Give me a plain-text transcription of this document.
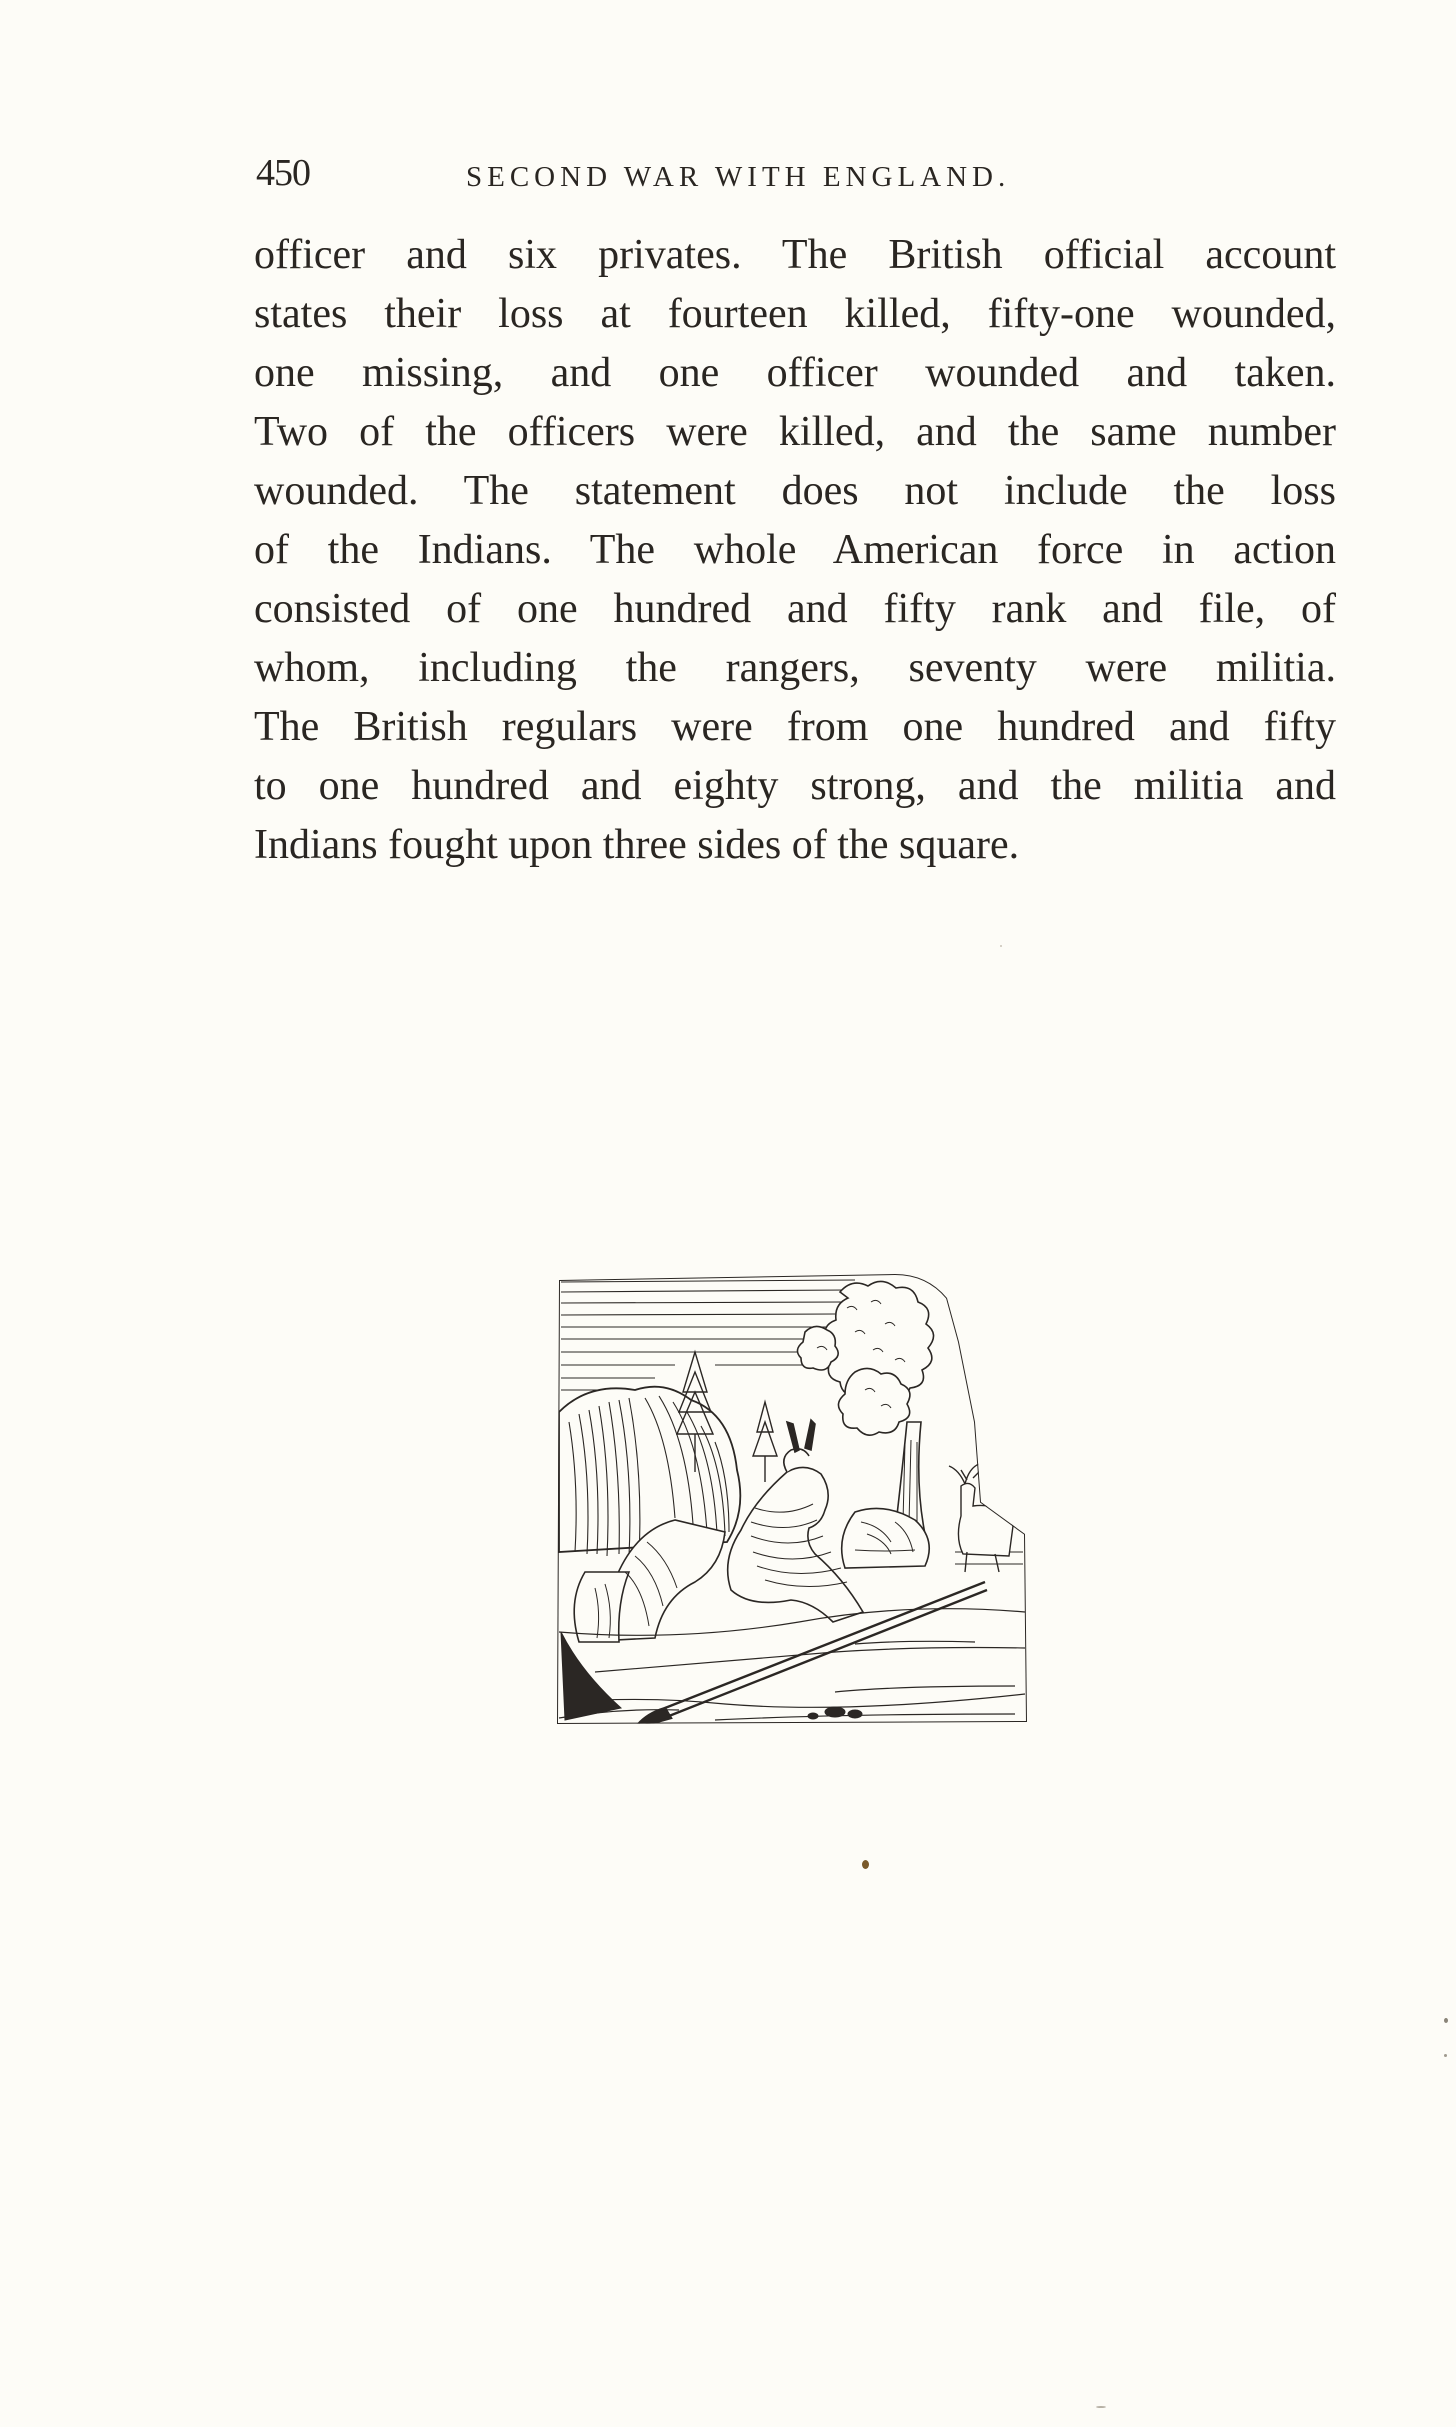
450	SECOND WAR WITH ENGLAND.

officer and six privates. The British official account
states their loss at fourteen killed, fifty-one wounded,
one missing, and one officer wounded and taken.
Two of the officers were killed, and the same number
wounded. The statement does not include the loss
of the Indians. The whole American force in action
consisted of one hundred and fifty rank and file, of
whom, including the rangers, seventy were militia.
The British regulars were from one hundred and fifty
to one hundred and eighty strong, and the militia and
Indians fought upon three sides of the square.
